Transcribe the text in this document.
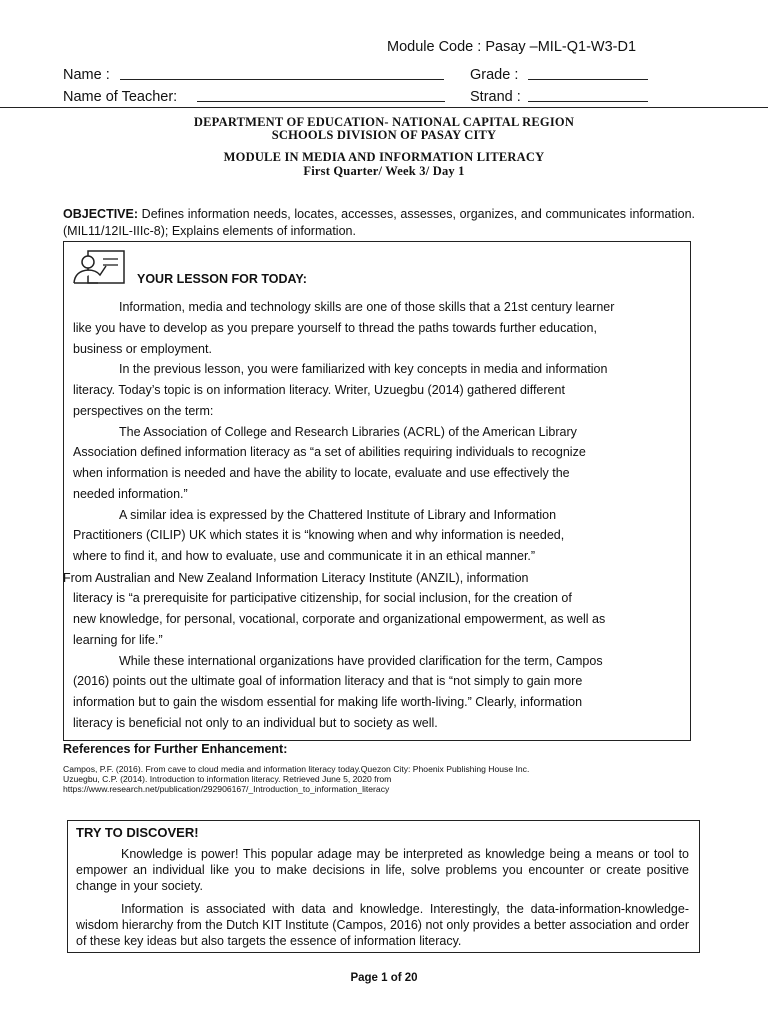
Module Code : Pasay –MIL-Q1-W3-D1
Name :	Grade :
Name of Teacher:	Strand :
DEPARTMENT OF EDUCATION- NATIONAL CAPITAL REGION
SCHOOLS DIVISION OF PASAY CITY
MODULE IN MEDIA AND INFORMATION LITERACY
First Quarter/ Week 3/ Day 1
OBJECTIVE: Defines information needs, locates, accesses, assesses, organizes, and communicates information. (MIL11/12IL-IIIc-8); Explains elements of information.
YOUR LESSON FOR TODAY:
Information, media and technology skills are one of those skills that a 21st century learner
like you have to develop as you prepare yourself to thread the paths towards further education,
business or employment.
In the previous lesson, you were familiarized with key concepts in media and information
literacy. Today’s topic is on information literacy. Writer, Uzuegbu (2014) gathered different
perspectives on the term:
The Association of College and Research Libraries (ACRL) of the American Library
Association defined information literacy as “a set of abilities requiring individuals to recognize
when information is needed and have the ability to locate, evaluate and use effectively the
needed information.”
A similar idea is expressed by the Chattered Institute of Library and Information
Practitioners (CILIP) UK which states it is “knowing when and why information is needed,
where to find it, and how to evaluate, use and communicate it in an ethical manner.”
From Australian and New Zealand Information Literacy Institute (ANZIL), information
literacy is “a prerequisite for participative citizenship, for social inclusion, for the creation of
new knowledge, for personal, vocational, corporate and organizational empowerment, as well as
learning for life.”
While these international organizations have provided clarification for the term, Campos
(2016) points out the ultimate goal of information literacy and that is “not simply to gain more
information but to gain the wisdom essential for making life worth-living.” Clearly, information
literacy is beneficial not only to an individual but to society as well.
References for Further Enhancement:
Campos, P.F. (2016). From cave to cloud media and information literacy today.Quezon City: Phoenix Publishing House Inc.
Uzuegbu, C.P. (2014). Introduction to information literacy. Retrieved June 5, 2020 from
https://www.research.net/publication/292906167/_Introduction_to_information_literacy
TRY TO DISCOVER!
Knowledge is power! This popular adage may be interpreted as knowledge being a means or tool to empower an individual like you to make decisions in life, solve problems you encounter or create positive change in your society.
Information is associated with data and knowledge. Interestingly, the data-information-knowledge-wisdom hierarchy from the Dutch KIT Institute (Campos, 2016) not only provides a better association and order of these key ideas but also targets the essence of information literacy.
Page 1 of 20
